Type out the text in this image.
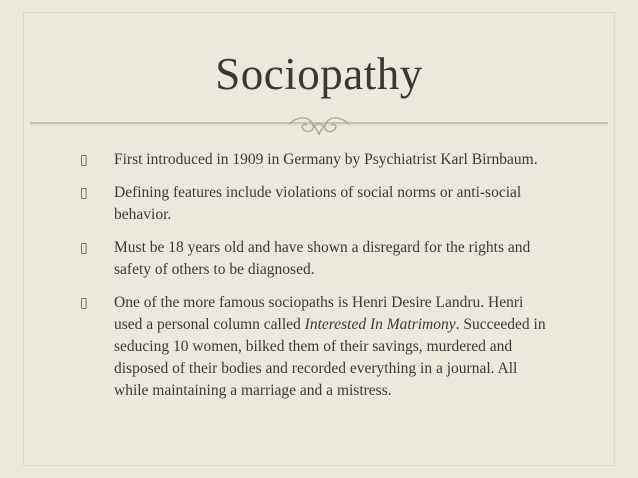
Sociopathy
▯ First introduced in 1909 in Germany by Psychiatrist Karl Birnbaum.
▯ Defining features include violations of social norms or anti-social behavior.
▯ Must be 18 years old and have shown a disregard for the rights and safety of others to be diagnosed.
▯ One of the more famous sociopaths is Henri Desire Landru. Henri used a personal column called Interested In Matrimony. Succeeded in seducing 10 women, bilked them of their savings, murdered and disposed of their bodies and recorded everything in a journal. All while maintaining a marriage and a mistress.
